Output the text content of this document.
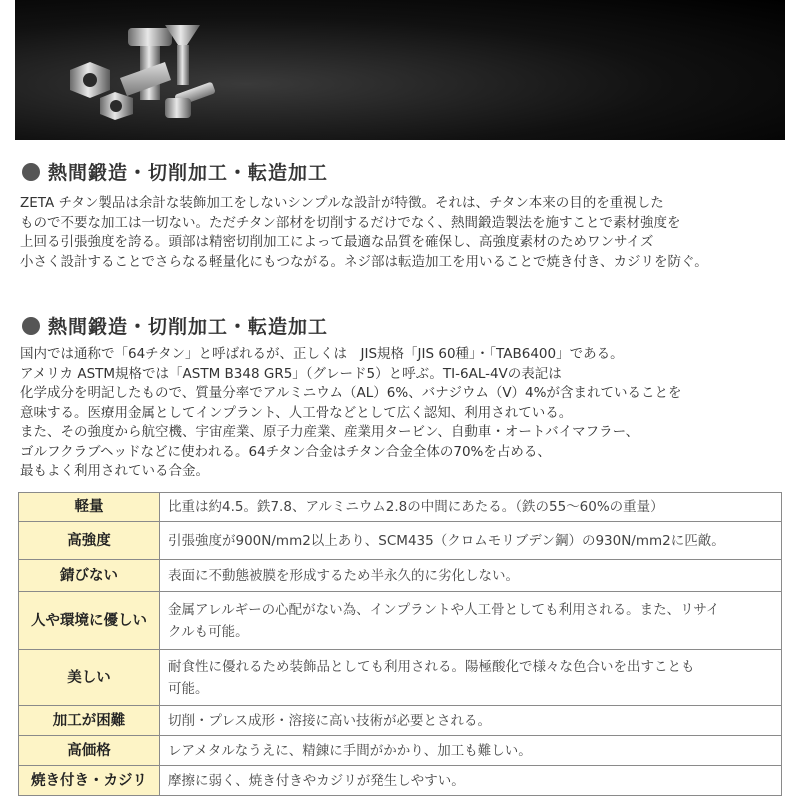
熱間鍛造・切削加工・転造加工
ZETA チタン製品は余計な装飾加工をしないシンプルな設計が特徴。それは、チタン本来の目的を重視した
もので不要な加工は一切ない。ただチタン部材を切削するだけでなく、熱間鍛造製法を施すことで素材強度を
上回る引張強度を誇る。頭部は精密切削加工によって最適な品質を確保し、高強度素材のためワンサイズ
小さく設計することでさらなる軽量化にもつながる。ネジ部は転造加工を用いることで焼き付き、カジリを防ぐ。
熱間鍛造・切削加工・転造加工
国内では通称で「64チタン」と呼ばれるが、正しくは　JIS規格「JIS 60種」・「TAB6400」である。
アメリカ ASTM規格では「ASTM B348 GR5」（グレード5）と呼ぶ。TI-6AL-4Vの表記は
化学成分を明記したもので、質量分率でアルミニウム（AL）6%、バナジウム（V）4%が含まれていることを
意味する。医療用金属としてインプラント、人工骨などとして広く認知、利用されている。
また、その強度から航空機、宇宙産業、原子力産業、産業用タービン、自動車・オートバイマフラー、
ゴルフクラブヘッドなどに使われる。64チタン合金はチタン合金全体の70%を占める、
最もよく利用されている合金。
軽量	比重は約4.5。鉄7.8、アルミニウム2.8の中間にあたる。（鉄の55〜60%の重量）

高強度	引張強度が900N/mm2以上あり、SCM435（クロムモリブデン鋼）の930N/mm2に匹敵。

錆びない	表面に不動態被膜を形成するため半永久的に劣化しない。

人や環境に優しい	金属アレルギーの心配がない為、インプラントや人工骨としても利用される。また、リサイ
クルも可能。

美しい	耐食性に優れるため装飾品としても利用される。陽極酸化で様々な色合いを出すことも
可能。

加工が困難	切削・プレス成形・溶接に高い技術が必要とされる。

高価格	レアメタルなうえに、精錬に手間がかかり、加工も難しい。

焼き付き・カジリ	摩擦に弱く、焼き付きやカジリが発生しやすい。
